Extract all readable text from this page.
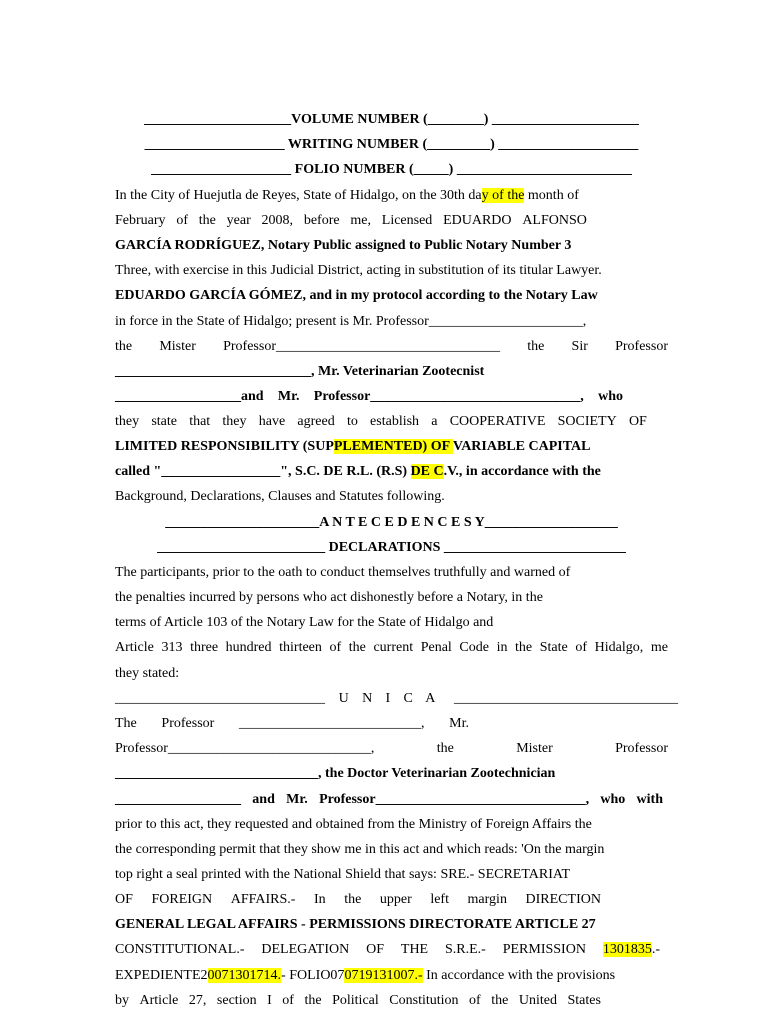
_____________________VOLUME NUMBER (________) _____________________
____________________ WRITING NUMBER (_________) ____________________
____________________ FOLIO NUMBER (_____) _________________________
In the City of Huejutla de Reyes, State of Hidalgo, on the 30th day of the month of
February of the year 2008, before me, Licensed EDUARDO ALFONSO
GARCÍA RODRÍGUEZ, Notary Public assigned to Public Notary Number 3
Three, with exercise in this Judicial District, acting in substitution of its titular Lawyer.
EDUARDO GARCÍA GÓMEZ, and in my protocol according to the Notary Law
in force in the State of Hidalgo; present is Mr. Professor______________________,
the Mister Professor________________________________ the Sir Professor
____________________________, Mr. Veterinarian Zootecnist
__________________and Mr. Professor______________________________, who
they state that they have agreed to establish a COOPERATIVE SOCIETY OF
LIMITED RESPONSIBILITY (SUPPLEMENTED) OF VARIABLE CAPITAL
called "_________________", S.C. DE R.L. (R.S) DE C.V., in accordance with the
Background, Declarations, Clauses and Statutes following.
______________________A N T E C E D E N C E S Y___________________
________________________ DECLARATIONS __________________________
The participants, prior to the oath to conduct themselves truthfully and warned of
the penalties incurred by persons who act dishonestly before a Notary, in the
terms of Article 103 of the Notary Law for the State of Hidalgo and
Article 313 three hundred thirteen of the current Penal Code in the State of Hidalgo, me
they stated:
______________________________ U N I C A ________________________________
The Professor __________________________, Mr.
Professor_____________________________,	the	Mister	Professor
_____________________________, the Doctor Veterinarian Zootechnician
__________________ and Mr. Professor______________________________, who with
prior to this act, they requested and obtained from the Ministry of Foreign Affairs the
the corresponding permit that they show me in this act and which reads: 'On the margin
top right a seal printed with the National Shield that says: SRE.- SECRETARIAT
OF FOREIGN AFFAIRS.- In the upper left margin DIRECTION
GENERAL LEGAL AFFAIRS - PERMISSIONS DIRECTORATE ARTICLE 27
CONSTITUTIONAL.- DELEGATION OF THE S.R.E.- PERMISSION 1301835.-
EXPEDIENTE20071301714.- FOLIO070719131007.- In accordance with the provisions
by Article 27, section I of the Political Constitution of the United States
